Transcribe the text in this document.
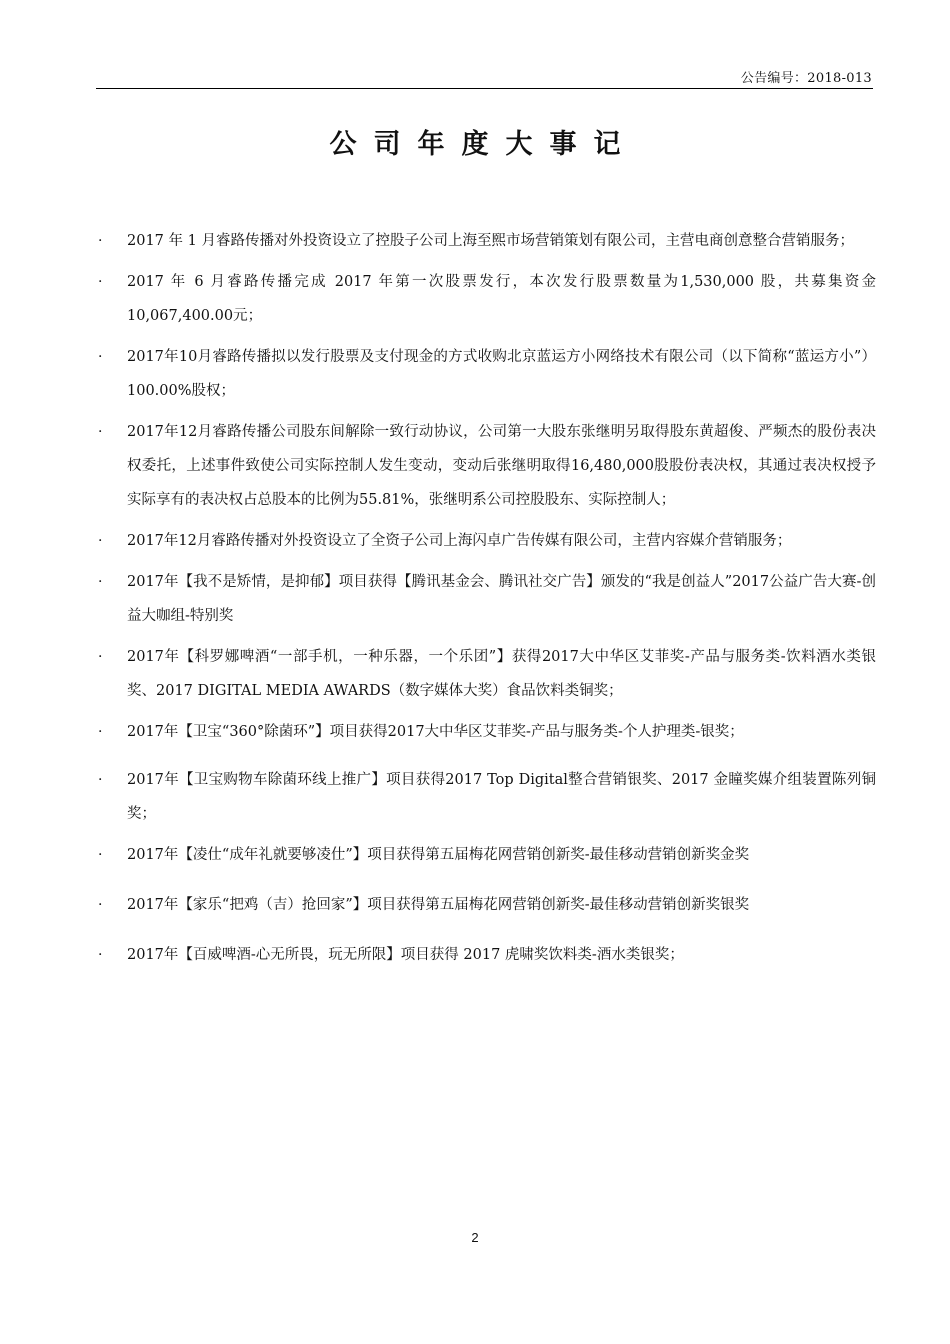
公告编号：2018-013
公司年度大事记
· 2017 年 1 月睿路传播对外投资设立了控股子公司上海至熙市场营销策划有限公司，主营电商创意整合营销服务；
· 2017 年 6 月睿路传播完成 2017 年第一次股票发行，本次发行股票数量为1,530,000 股，共募集资金 10,067,400.00元；
· 2017年10月睿路传播拟以发行股票及支付现金的方式收购北京蓝运方小网络技术有限公司（以下简称“蓝运方小”）100.00%股权；
· 2017年12月睿路传播公司股东间解除一致行动协议，公司第一大股东张继明另取得股东黄超俊、严频杰的股份表决权委托，上述事件致使公司实际控制人发生变动，变动后张继明取得16,480,000股股份表决权，其通过表决权授予实际享有的表决权占总股本的比例为55.81%，张继明系公司控股股东、实际控制人；
· 2017年12月睿路传播对外投资设立了全资子公司上海闪卓广告传媒有限公司，主营内容媒介营销服务；
· 2017年【我不是矫情，是抑郁】项目获得【腾讯基金会、腾讯社交广告】颁发的“我是创益人”2017公益广告大赛-创益大咖组-特别奖
· 2017年【科罗娜啤酒“一部手机，一种乐器，一个乐团”】获得2017大中华区艾菲奖-产品与服务类-饮料酒水类银奖、2017 DIGITAL MEDIA AWARDS（数字媒体大奖）食品饮料类铜奖；
· 2017年【卫宝“360°除菌环”】项目获得2017大中华区艾菲奖-产品与服务类-个人护理类-银奖；
· 2017年【卫宝购物车除菌环线上推广】项目获得2017 Top Digital整合营销银奖、2017 金瞳奖媒介组装置陈列铜奖；
· 2017年【凌仕“成年礼就要够凌仕”】项目获得第五届梅花网营销创新奖-最佳移动营销创新奖金奖
· 2017年【家乐“把鸡（吉）抢回家”】项目获得第五届梅花网营销创新奖-最佳移动营销创新奖银奖
· 2017年【百威啤酒-心无所畏，玩无所限】项目获得 2017 虎啸奖饮料类-酒水类银奖；
2
